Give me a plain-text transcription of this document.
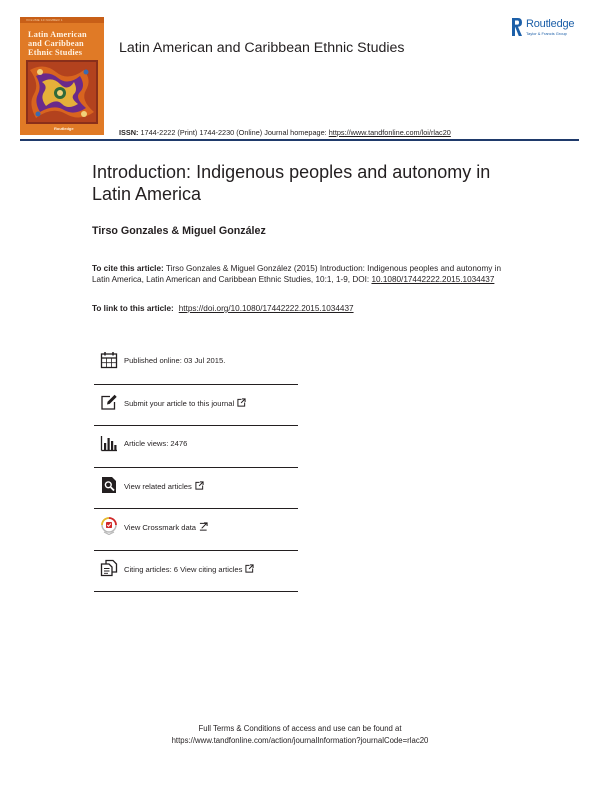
VOLUME 10 NUMBER 1
Latin American
and Caribbean
Ethnic Studies
Routledge
Latin American and Caribbean Ethnic Studies
Routledge
Taylor & Francis Group
ISSN: 1744-2222 (Print) 1744-2230 (Online) Journal homepage: https://www.tandfonline.com/loi/rlac20
Introduction: Indigenous peoples and autonomy in Latin America
Tirso Gonzales & Miguel González
To cite this article: Tirso Gonzales & Miguel González (2015) Introduction: Indigenous peoples and autonomy in Latin America, Latin American and Caribbean Ethnic Studies, 10:1, 1-9, DOI: 10.1080/17442222.2015.1034437
To link to this article: https://doi.org/10.1080/17442222.2015.1034437
Published online: 03 Jul 2015.
Submit your article to this journal
Article views: 2476
View related articles
View Crossmark data
Citing articles: 6 View citing articles
Full Terms & Conditions of access and use can be found at
https://www.tandfonline.com/action/journalInformation?journalCode=rlac20
